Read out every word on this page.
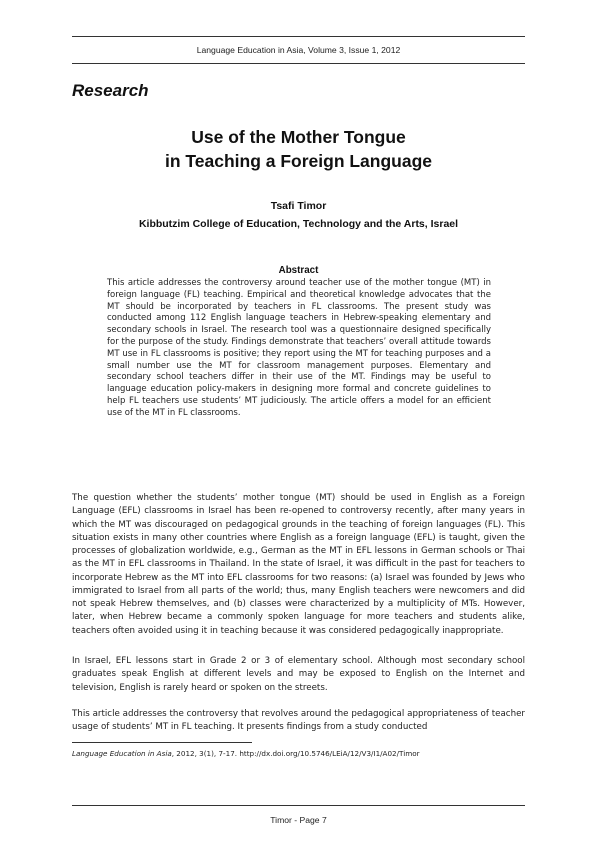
Language Education in Asia, Volume 3, Issue 1, 2012
Research
Use of the Mother Tongue
in Teaching a Foreign Language
Tsafi Timor
Kibbutzim College of Education, Technology and the Arts, Israel
Abstract
This article addresses the controversy around teacher use of the mother tongue (MT) in foreign language (FL) teaching. Empirical and theoretical knowledge advocates that the MT should be incorporated by teachers in FL classrooms. The present study was conducted among 112 English language teachers in Hebrew-speaking elementary and secondary schools in Israel. The research tool was a questionnaire designed specifically for the purpose of the study. Findings demonstrate that teachers’ overall attitude towards MT use in FL classrooms is positive; they report using the MT for teaching purposes and a small number use the MT for classroom management purposes. Elementary and secondary school teachers differ in their use of the MT. Findings may be useful to language education policy-makers in designing more formal and concrete guidelines to help FL teachers use students’ MT judiciously. The article offers a model for an efficient use of the MT in FL classrooms.
The question whether the students’ mother tongue (MT) should be used in English as a Foreign Language (EFL) classrooms in Israel has been re-opened to controversy recently, after many years in which the MT was discouraged on pedagogical grounds in the teaching of foreign languages (FL). This situation exists in many other countries where English as a foreign language (EFL) is taught, given the processes of globalization worldwide, e.g., German as the MT in EFL lessons in German schools or Thai as the MT in EFL classrooms in Thailand. In the state of Israel, it was difficult in the past for teachers to incorporate Hebrew as the MT into EFL classrooms for two reasons: (a) Israel was founded by Jews who immigrated to Israel from all parts of the world; thus, many English teachers were newcomers and did not speak Hebrew themselves, and (b) classes were characterized by a multiplicity of MTs. However, later, when Hebrew became a commonly spoken language for more teachers and students alike, teachers often avoided using it in teaching because it was considered pedagogically inappropriate.
In Israel, EFL lessons start in Grade 2 or 3 of elementary school. Although most secondary school graduates speak English at different levels and may be exposed to English on the Internet and television, English is rarely heard or spoken on the streets.
This article addresses the controversy that revolves around the pedagogical appropriateness of teacher usage of students’ MT in FL teaching. It presents findings from a study conducted
Language Education in Asia, 2012, 3(1), 7-17. http://dx.doi.org/10.5746/LEiA/12/V3/I1/A02/Timor
Timor - Page 7
